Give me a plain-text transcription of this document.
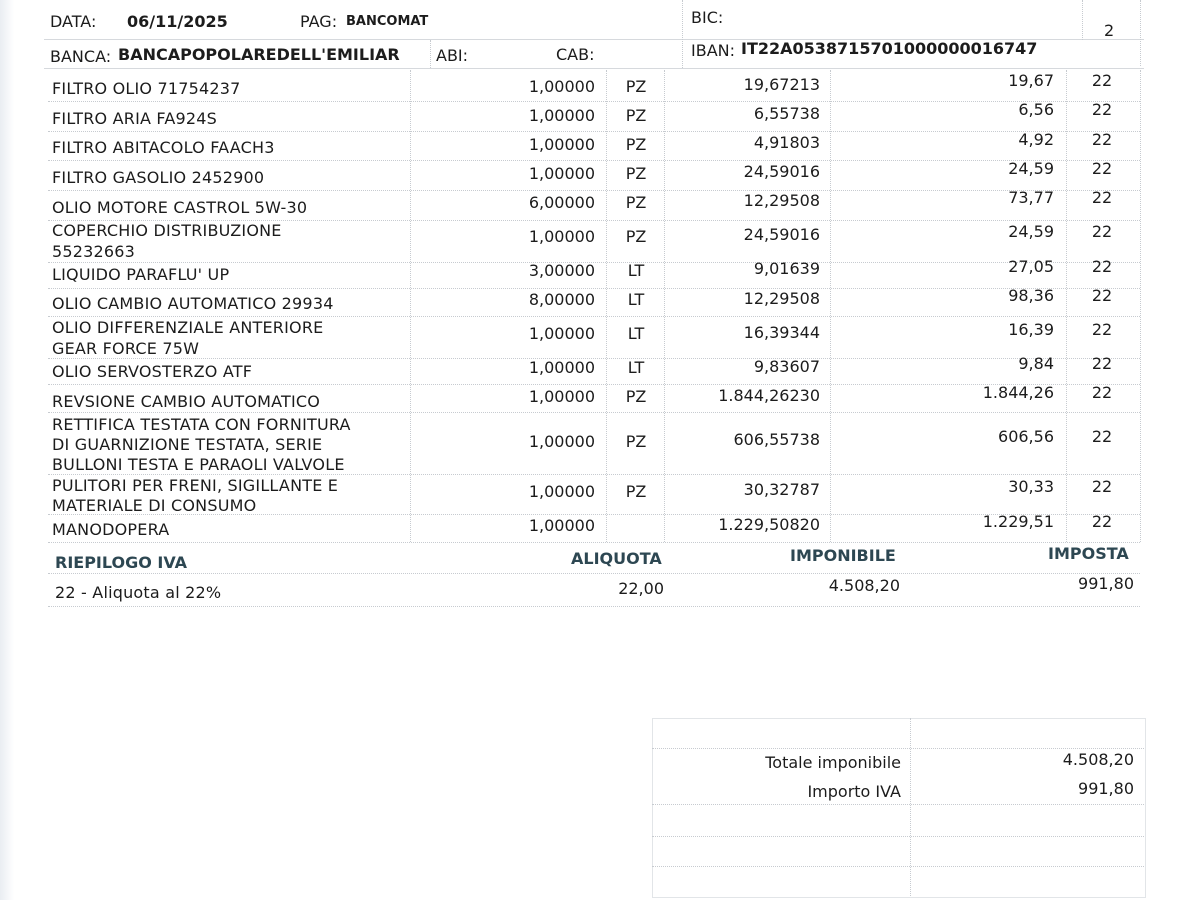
DATA: 06/11/2025	PAG: BANCOMAT	BIC:
2
BANCA: BANCAPOPOLAREDELL'EMILIAR ABI:	CAB:	IBAN: IT22A0538715701000000016747
FILTRO OLIO 71754237	1,00000 PZ	19,67213	19,67 22
FILTRO ARIA FA924S	1,00000 PZ	6,55738	6,56 22
FILTRO ABITACOLO FAACH3	1,00000 PZ	4,91803	4,92 22
FILTRO GASOLIO 2452900	1,00000 PZ	24,59016	24,59 22
OLIO MOTORE CASTROL 5W-30	6,00000 PZ	12,29508	73,77 22
COPERCHIO DISTRIBUZIONE
55232663
1,00000 PZ	24,59016	24,59 22
LIQUIDO PARAFLU' UP	3,00000 LT	9,01639	27,05 22
OLIO CAMBIO AUTOMATICO 29934	8,00000 LT	12,29508	98,36 22
OLIO DIFFERENZIALE ANTERIORE
GEAR FORCE 75W
1,00000 LT	16,39344	16,39 22
OLIO SERVOSTERZO ATF	1,00000 LT	9,83607	9,84 22
REVSIONE CAMBIO AUTOMATICO	1,00000 PZ	1.844,26230	1.844,26 22
RETTIFICA TESTATA CON FORNITURA
DI GUARNIZIONE TESTATA, SERIE
BULLONI TESTA E PARAOLI VALVOLE
1,00000 PZ	606,55738	606,56 22
PULITORI PER FRENI, SIGILLANTE E
MATERIALE DI CONSUMO
1,00000 PZ	30,32787	30,33 22
MANODOPERA	1,00000	1.229,50820	1.229,51 22
RIEPILOGO IVA	ALIQUOTA	IMPONIBILE	IMPOSTA
22 - Aliquota al 22%	22,00	4.508,20	991,80
Totale imponibile	4.508,20
Importo IVA	991,80
